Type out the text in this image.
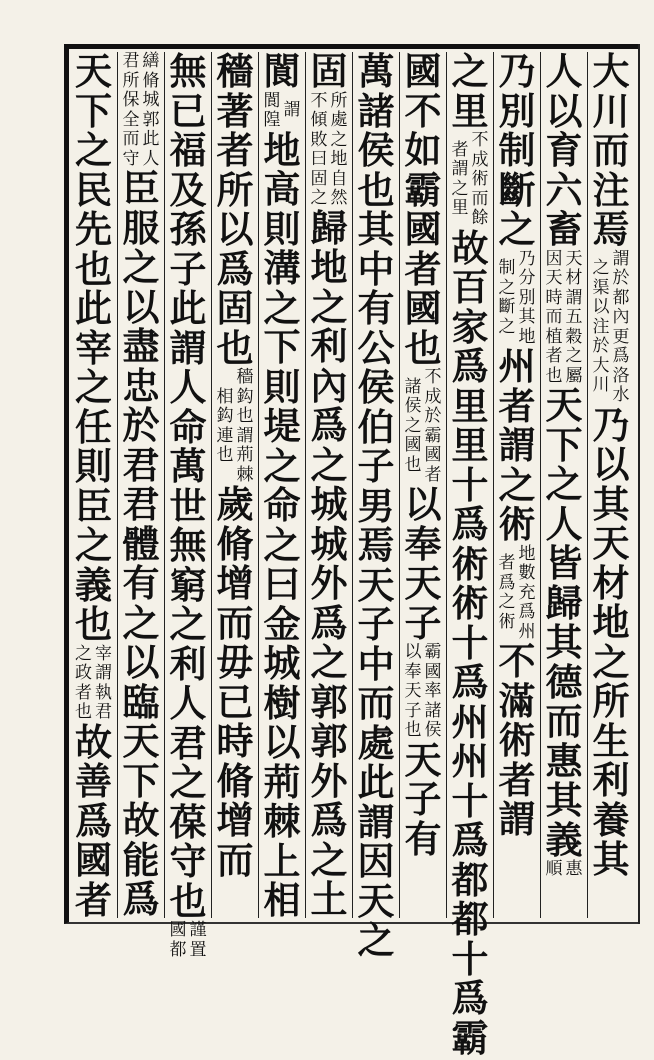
大
川
而
注
焉
謂
於
都
內
更
爲
洛
水
之
渠
以
注
於
大
川
乃
以
其
天
材
地
之
所
生
利
養
其
人
以
育
六
畜
天
材
謂
五
穀
之
屬
因
天
時
而
植
者
也
天
下
之
人
皆
歸
其
德
而
惠
其
義
惠
順
乃
別
制
斷
之
乃
分
別
其
地
制
之
斷
之
州
者
謂
之
術
地
數
充
爲
州
者
爲
之
術
不
滿
術
者
謂
之
里
不
成
術
而
餘
者
謂
之
里
故
百
家
爲
里
里
十
爲
術
術
十
爲
州
州
十
爲
都
都
十
爲
霸
國
不
如
霸
國
者
國
也
不
成
於
霸
國
者
諸
侯
之
國
也
以
奉
天
子
霸
國
率
諸
侯
以
奉
天
子
也
天
子
有
萬
諸
侯
也
其
中
有
公
侯
伯
子
男
焉
天
子
中
而
處
此
謂
因
天
之
固
所
處
之
地
自
然
不
傾
敗
曰
固
之
歸
地
之
利
內
爲
之
城
城
外
爲
之
郭
郭
外
爲
之
土
閬
謂
閬
隍
地
高
則
溝
之
下
則
堤
之
命
之
曰
金
城
樹
以
荊
棘
上
相
穡
著
者
所
以
爲
固
也
穡
鈎
也
謂
荊
棘
相
鈎
連
也
歲
脩
增
而
毋
已
時
脩
增
而
無
已
福
及
孫
子
此
謂
人
命
萬
世
無
窮
之
利
人
君
之
葆
守
也
謹
置
國
都
繕
脩
城
郭
此
人
君
所
保
全
而
守
臣
服
之
以
盡
忠
於
君
君
體
有
之
以
臨
天
下
故
能
爲
天
下
之
民
先
也
此
宰
之
任
則
臣
之
義
也
宰
謂
執
君
之
政
者
也
故
善
爲
國
者
